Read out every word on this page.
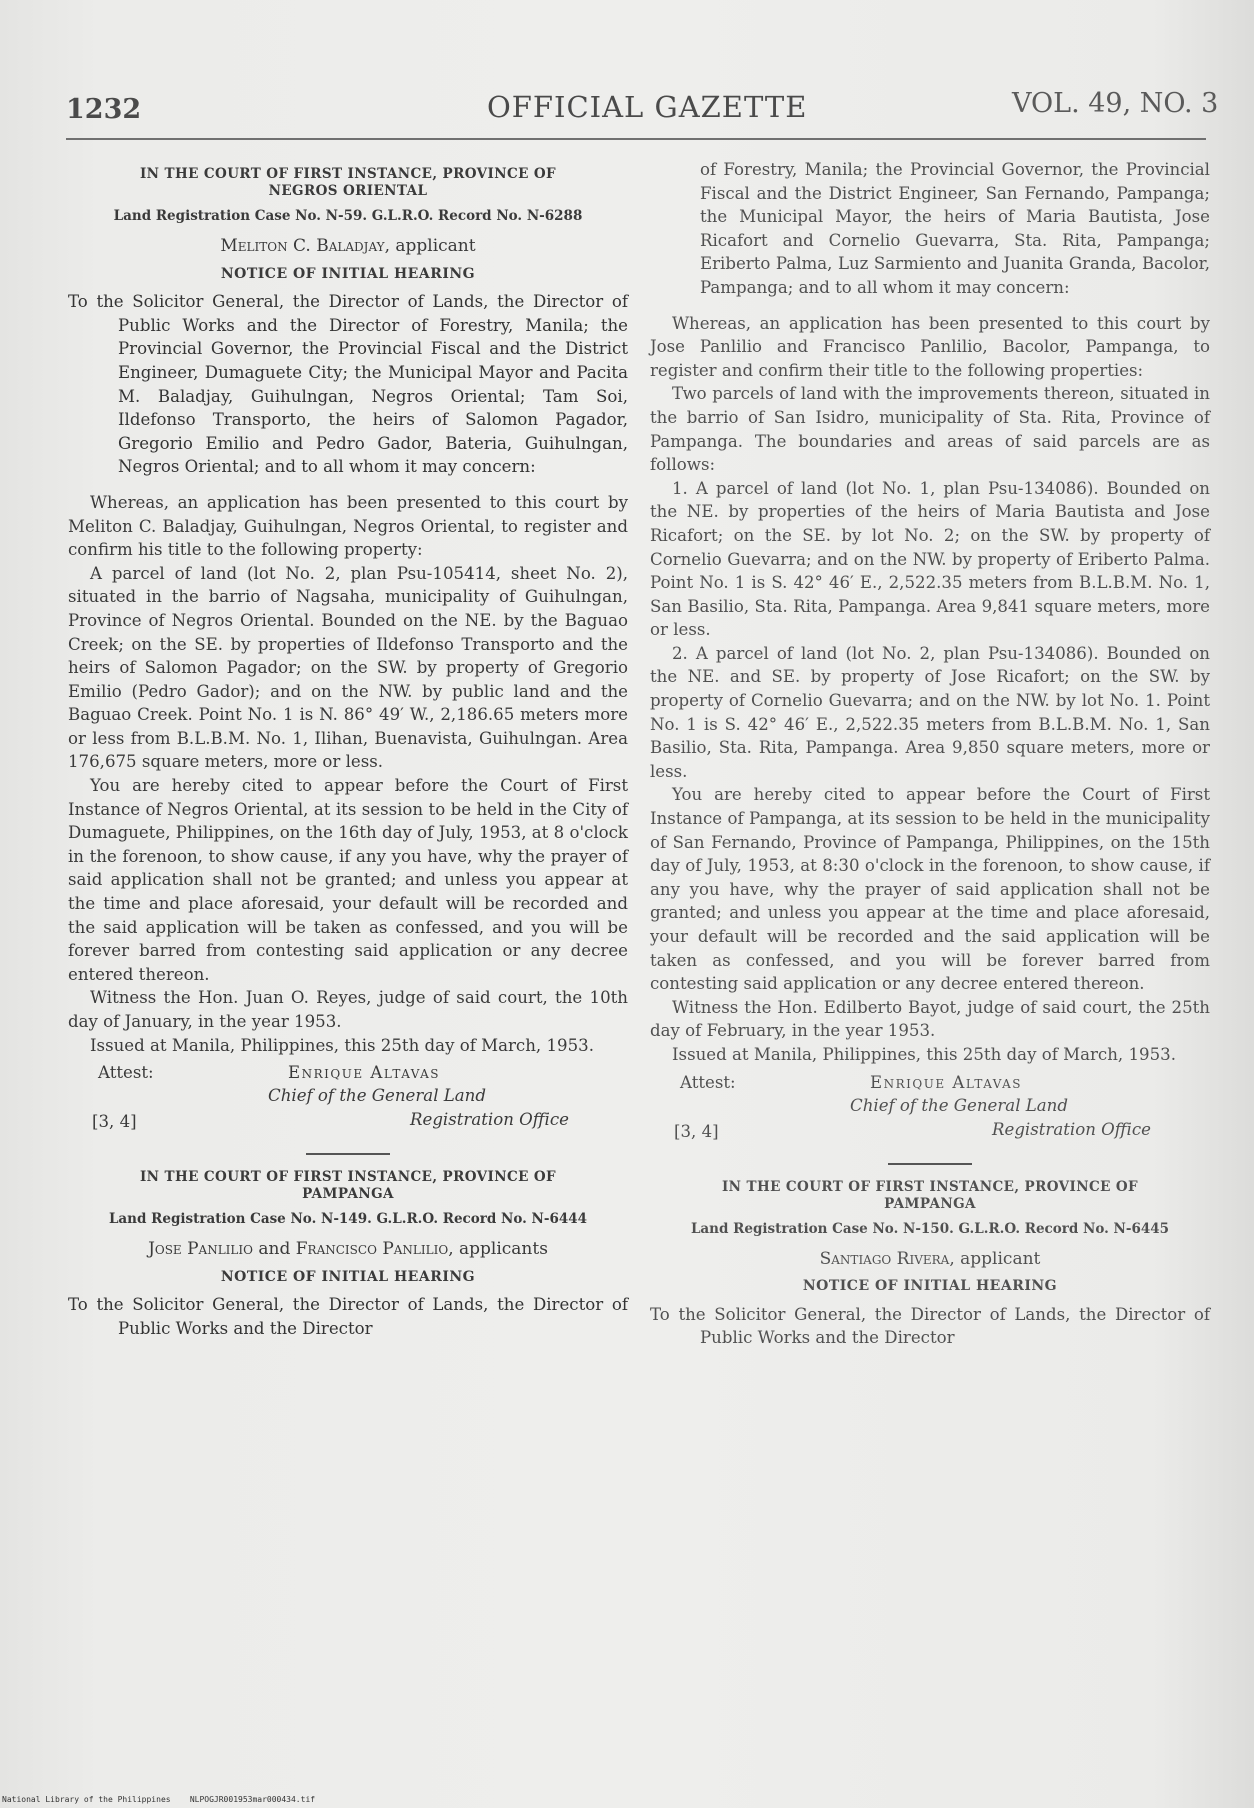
1232	OFFICIAL GAZETTE	VOL. 49, NO. 3
IN THE COURT OF FIRST INSTANCE, PROVINCE OF NEGROS ORIENTAL
Land Registration Case No. N-59. G.L.R.O. Record No. N-6288
Meliton C. Baladjay, applicant
NOTICE OF INITIAL HEARING

To the Solicitor General, the Director of Lands, the Director of Public Works and the Director of Forestry, Manila; the Provincial Governor, the Provincial Fiscal and the District Engineer, Dumaguete City; the Municipal Mayor and Pacita M. Baladjay, Guihulngan, Negros Oriental; Tam Soi, Ildefonso Transporto, the heirs of Salomon Pagador, Gregorio Emilio and Pedro Gador, Bateria, Guihulngan, Negros Oriental; and to all whom it may concern:

Whereas, an application has been presented to this court by Meliton C. Baladjay, Guihulngan, Negros Oriental, to register and confirm his title to the following property:

A parcel of land (lot No. 2, plan Psu-105414, sheet No. 2), situated in the barrio of Nagsaha, municipality of Guihulngan, Province of Negros Oriental. Bounded on the NE. by the Baguao Creek; on the SE. by properties of Ildefonso Transporto and the heirs of Salomon Pagador; on the SW. by property of Gregorio Emilio (Pedro Gador); and on the NW. by public land and the Baguao Creek. Point No. 1 is N. 86° 49′ W., 2,186.65 meters more or less from B.L.B.M. No. 1, Ilihan, Buenavista, Guihulngan. Area 176,675 square meters, more or less.

You are hereby cited to appear before the Court of First Instance of Negros Oriental, at its session to be held in the City of Dumaguete, Philippines, on the 16th day of July, 1953, at 8 o'clock in the forenoon, to show cause, if any you have, why the prayer of said application shall not be granted; and unless you appear at the time and place aforesaid, your default will be recorded and the said application will be taken as confessed, and you will be forever barred from contesting said application or any decree entered thereon.

Witness the Hon. Juan O. Reyes, judge of said court, the 10th day of January, in the year 1953.

Issued at Manila, Philippines, this 25th day of March, 1953.

Attest:	Enrique Altavas
Chief of the General Land
[3, 4]	Registration Office
IN THE COURT OF FIRST INSTANCE, PROVINCE OF PAMPANGA
Land Registration Case No. N-149. G.L.R.O. Record No. N-6444
Jose Panlilio and Francisco Panlilio, applicants
NOTICE OF INITIAL HEARING

To the Solicitor General, the Director of Lands, the Director of Public Works and the Director

of Forestry, Manila; the Provincial Governor, the Provincial Fiscal and the District Engineer, San Fernando, Pampanga; the Municipal Mayor, the heirs of Maria Bautista, Jose Ricafort and Cornelio Guevarra, Sta. Rita, Pampanga; Eriberto Palma, Luz Sarmiento and Juanita Granda, Bacolor, Pampanga; and to all whom it may concern:

Whereas, an application has been presented to this court by Jose Panlilio and Francisco Panlilio, Bacolor, Pampanga, to register and confirm their title to the following properties:

Two parcels of land with the improvements thereon, situated in the barrio of San Isidro, municipality of Sta. Rita, Province of Pampanga. The boundaries and areas of said parcels are as follows:

1. A parcel of land (lot No. 1, plan Psu-134086). Bounded on the NE. by properties of the heirs of Maria Bautista and Jose Ricafort; on the SE. by lot No. 2; on the SW. by property of Cornelio Guevarra; and on the NW. by property of Eriberto Palma. Point No. 1 is S. 42° 46′ E., 2,522.35 meters from B.L.B.M. No. 1, San Basilio, Sta. Rita, Pampanga. Area 9,841 square meters, more or less.

2. A parcel of land (lot No. 2, plan Psu-134086). Bounded on the NE. and SE. by property of Jose Ricafort; on the SW. by property of Cornelio Guevarra; and on the NW. by lot No. 1. Point No. 1 is S. 42° 46′ E., 2,522.35 meters from B.L.B.M. No. 1, San Basilio, Sta. Rita, Pampanga. Area 9,850 square meters, more or less.

You are hereby cited to appear before the Court of First Instance of Pampanga, at its session to be held in the municipality of San Fernando, Province of Pampanga, Philippines, on the 15th day of July, 1953, at 8:30 o'clock in the forenoon, to show cause, if any you have, why the prayer of said application shall not be granted; and unless you appear at the time and place aforesaid, your default will be recorded and the said application will be taken as confessed, and you will be forever barred from contesting said application or any decree entered thereon.

Witness the Hon. Edilberto Bayot, judge of said court, the 25th day of February, in the year 1953.

Issued at Manila, Philippines, this 25th day of March, 1953.

Attest:	Enrique Altavas
Chief of the General Land
[3, 4]	Registration Office
IN THE COURT OF FIRST INSTANCE, PROVINCE OF PAMPANGA
Land Registration Case No. N-150. G.L.R.O. Record No. N-6445
Santiago Rivera, applicant
NOTICE OF INITIAL HEARING

To the Solicitor General, the Director of Lands, the Director of Public Works and the Director

National Library of the Philippines NLPOGJR001953mar000434.tif
